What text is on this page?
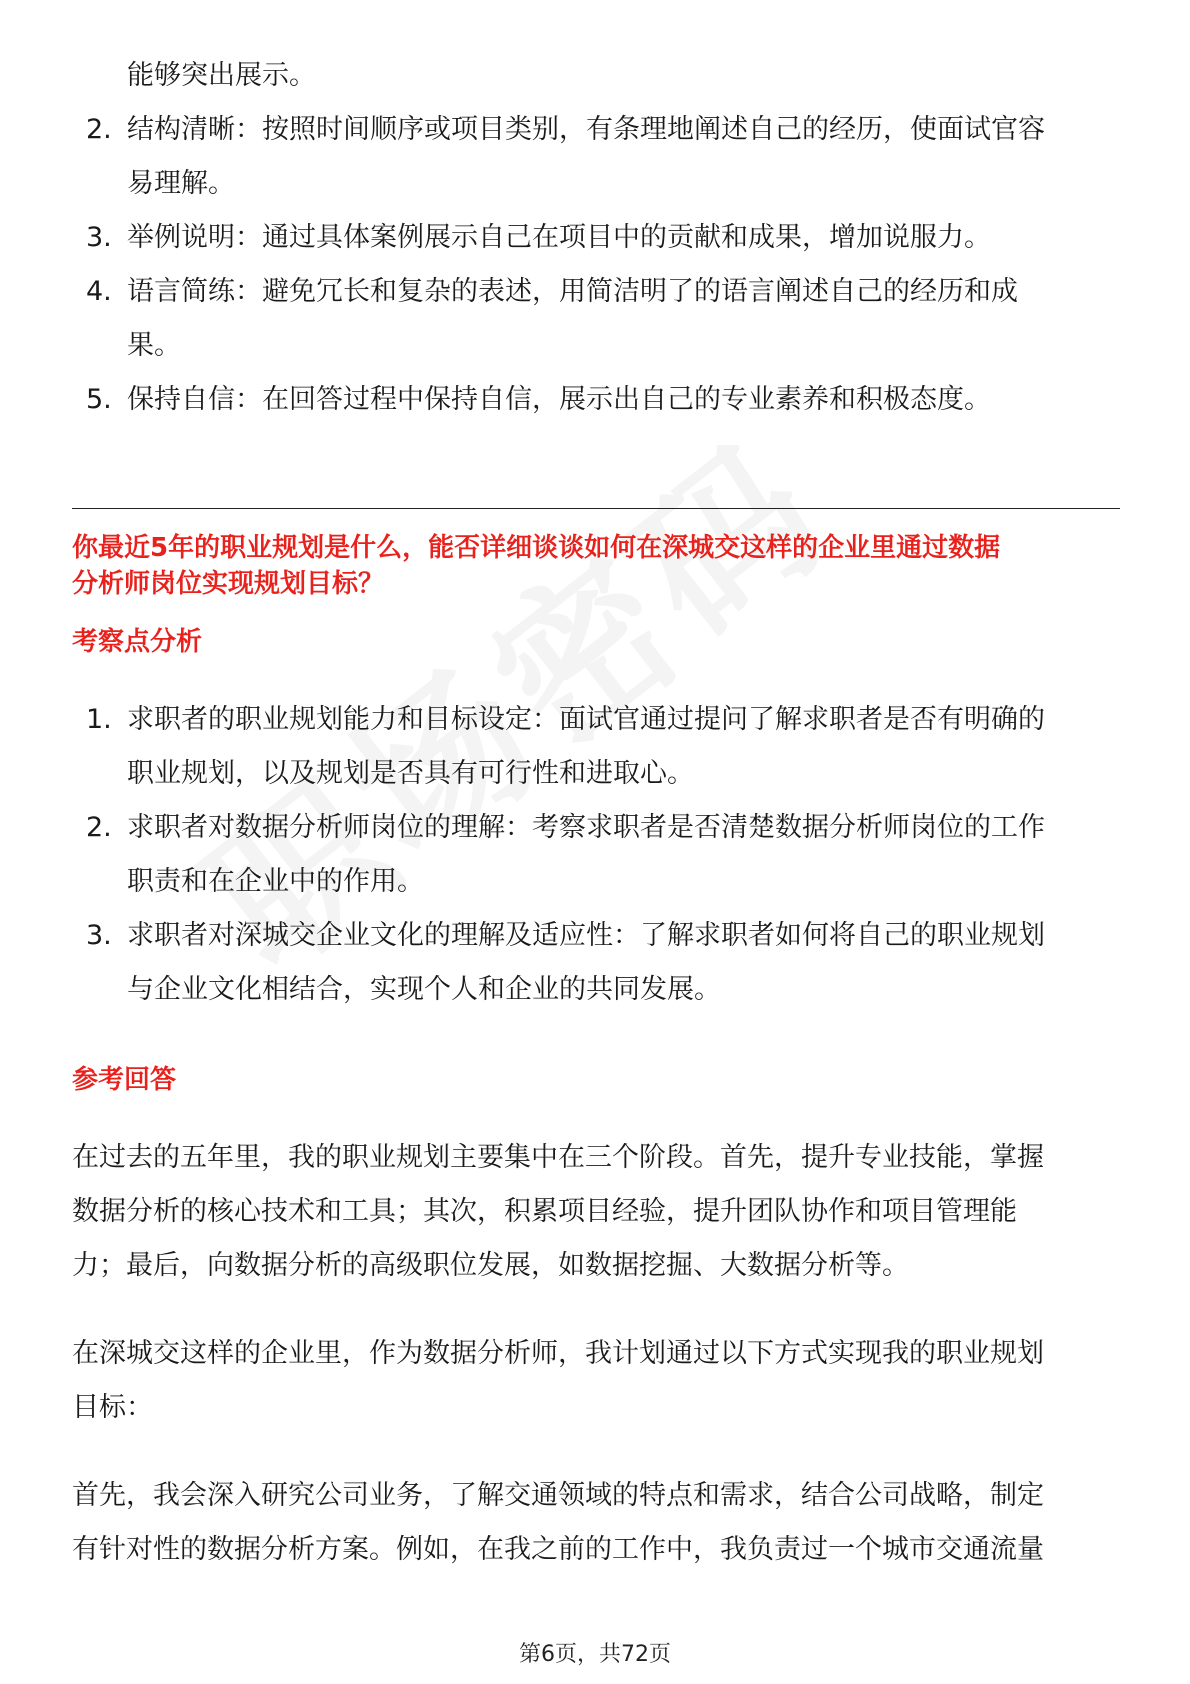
能够突出展示。
2. 结构清晰：按照时间顺序或项目类别，有条理地阐述自己的经历，使面试官容
易理解。
3. 举例说明：通过具体案例展示自己在项目中的贡献和成果，增加说服力。
4. 语言简练：避免冗长和复杂的表述，用简洁明了的语言阐述自己的经历和成
果。
5. 保持自信：在回答过程中保持自信，展示出自己的专业素养和积极态度。
你最近5年的职业规划是什么，能否详细谈谈如何在深城交这样的企业里通过数据
分析师岗位实现规划目标？
考察点分析
1. 求职者的职业规划能力和目标设定：面试官通过提问了解求职者是否有明确的
职业规划，以及规划是否具有可行性和进取心。
2. 求职者对数据分析师岗位的理解：考察求职者是否清楚数据分析师岗位的工作
职责和在企业中的作用。
3. 求职者对深城交企业文化的理解及适应性：了解求职者如何将自己的职业规划
与企业文化相结合，实现个人和企业的共同发展。
参考回答
在过去的五年里，我的职业规划主要集中在三个阶段。首先，提升专业技能，掌握
数据分析的核心技术和工具；其次，积累项目经验，提升团队协作和项目管理能
力；最后，向数据分析的高级职位发展，如数据挖掘、大数据分析等。
在深城交这样的企业里，作为数据分析师，我计划通过以下方式实现我的职业规划
目标：
首先，我会深入研究公司业务，了解交通领域的特点和需求，结合公司战略，制定
有针对性的数据分析方案。例如，在我之前的工作中，我负责过一个城市交通流量
第6页，共72页
